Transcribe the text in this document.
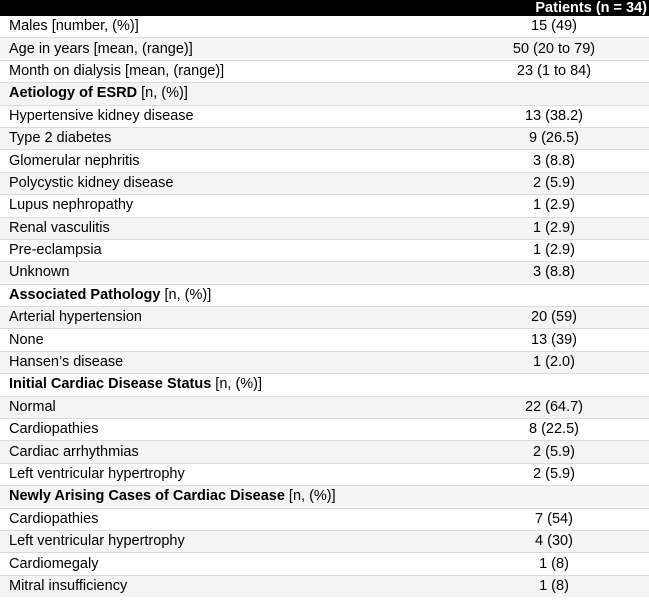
	Patients (n = 34)
Males [number, (%)]	15 (49)
Age in years [mean, (range)]	50 (20 to 79)
Month on dialysis [mean, (range)]	23 (1 to 84)
Aetiology of ESRD [n, (%)]	
Hypertensive kidney disease	13 (38.2)
Type 2 diabetes	9 (26.5)
Glomerular nephritis	3 (8.8)
Polycystic kidney disease	2 (5.9)
Lupus nephropathy	1 (2.9)
Renal vasculitis	1 (2.9)
Pre-eclampsia	1 (2.9)
Unknown	3 (8.8)
Associated Pathology [n, (%)]	
Arterial hypertension	20 (59)
None	13 (39)
Hansen’s disease	1 (2.0)
Initial Cardiac Disease Status [n, (%)]	
Normal	22 (64.7)
Cardiopathies	8 (22.5)
Cardiac arrhythmias	2 (5.9)
Left ventricular hypertrophy	2 (5.9)
Newly Arising Cases of Cardiac Disease [n, (%)]	
Cardiopathies	7 (54)
Left ventricular hypertrophy	4 (30)
Cardiomegaly	1 (8)
Mitral insufficiency	1 (8)
